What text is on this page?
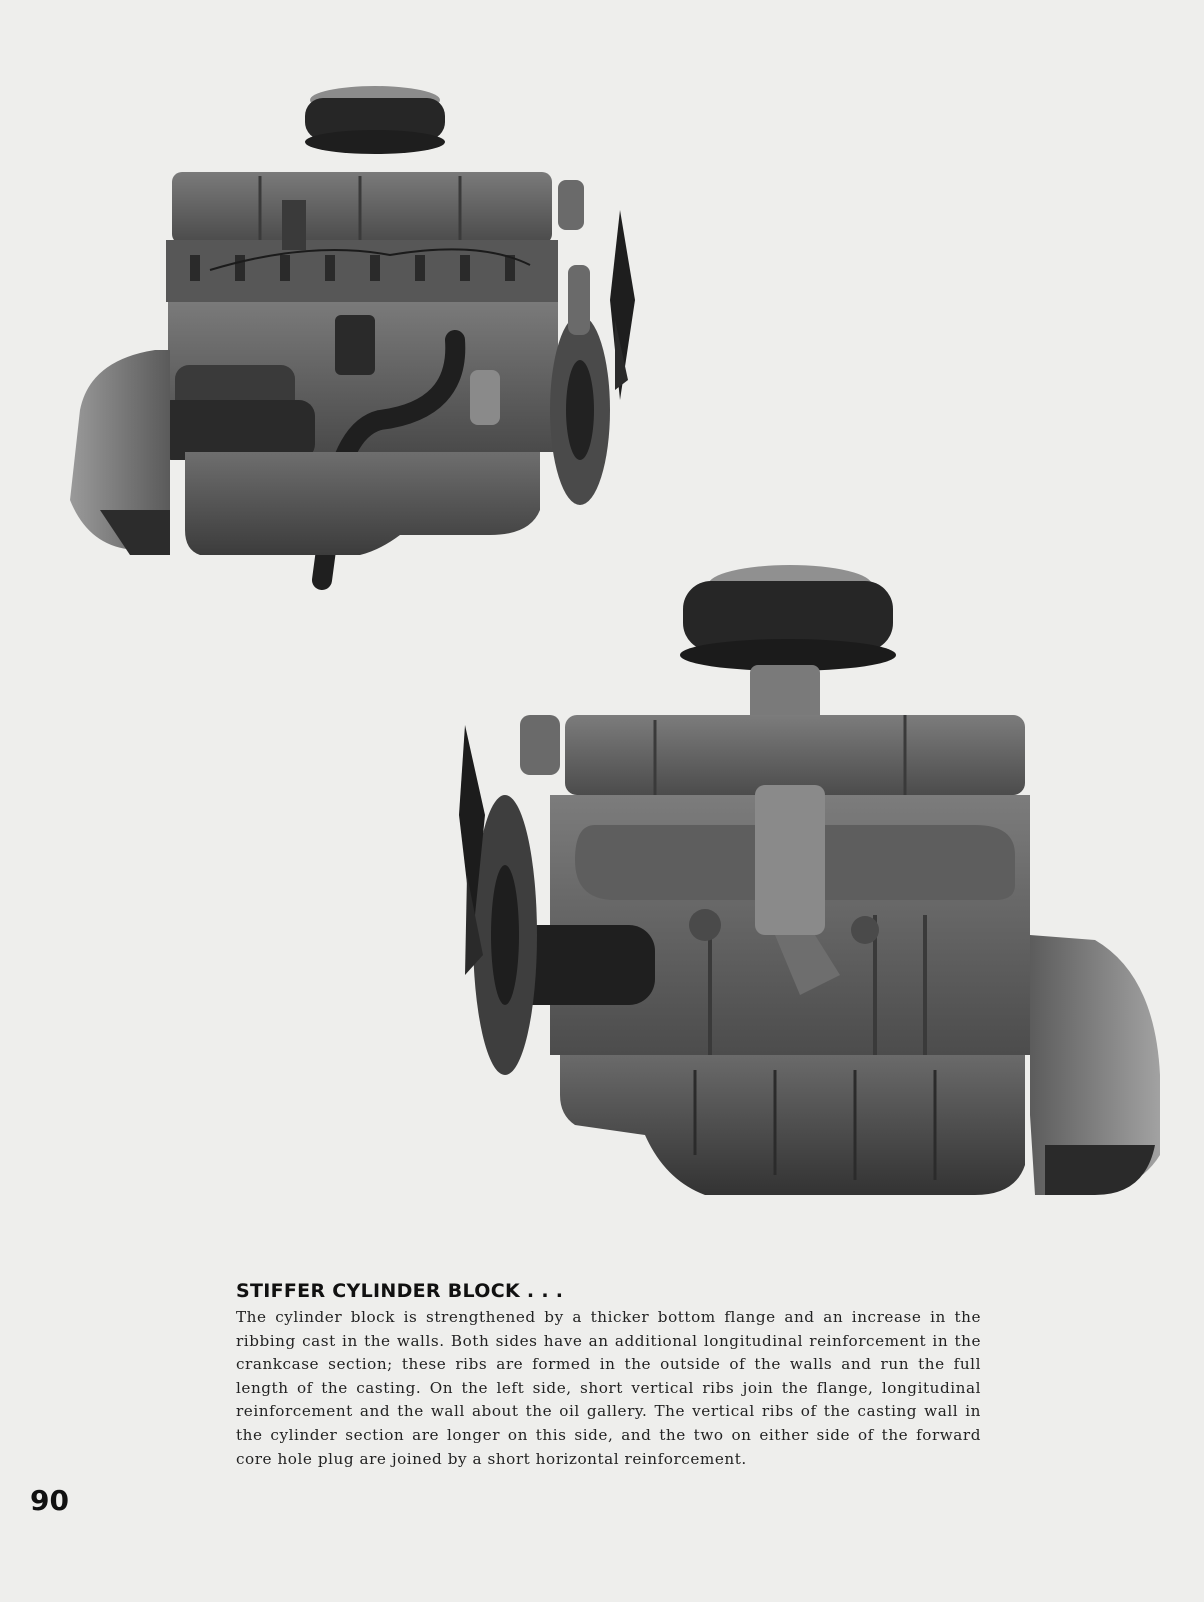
STIFFER CYLINDER BLOCK . . .

The cylinder block is strengthened by a thicker bottom flange and an increase in the ribbing cast in the walls. Both sides have an additional longitudinal reinforcement in the crankcase section; these ribs are formed in the outside of the walls and run the full length of the casting. On the left side, short vertical ribs join the flange, longitudinal reinforcement and the wall about the oil gallery. The vertical ribs of the casting wall in the cylinder section are longer on this side, and the two on either side of the forward core hole plug are joined by a short horizontal reinforcement.

90
